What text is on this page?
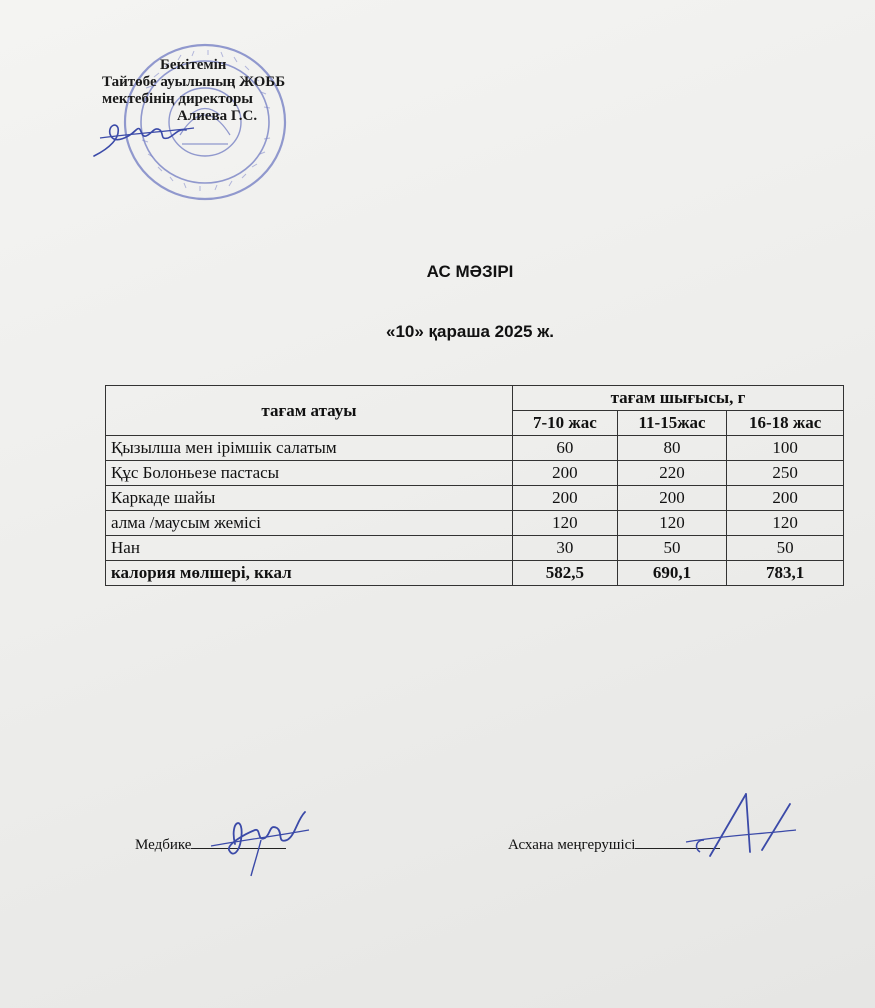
Бекітемін
Тайтөбе ауылының ЖОББ
мектебінің директоры
Алиева Г.С.
АС МӘЗІРІ
«10» қараша 2025 ж.
тағам атауы	тағам шығысы, г		
	7-10 жас	11-15жас	16-18 жас
Қызылша мен ірімшік салатым	60	80	100
Құс Болоньезе пастасы	200	220	250
Каркаде шайы	200	200	200
алма /маусым жемісі	120	120	120
Нан	30	50	50
калория мөлшері, ккал	582,5	690,1	783,1
Медбике	Асхана меңгерушісі
